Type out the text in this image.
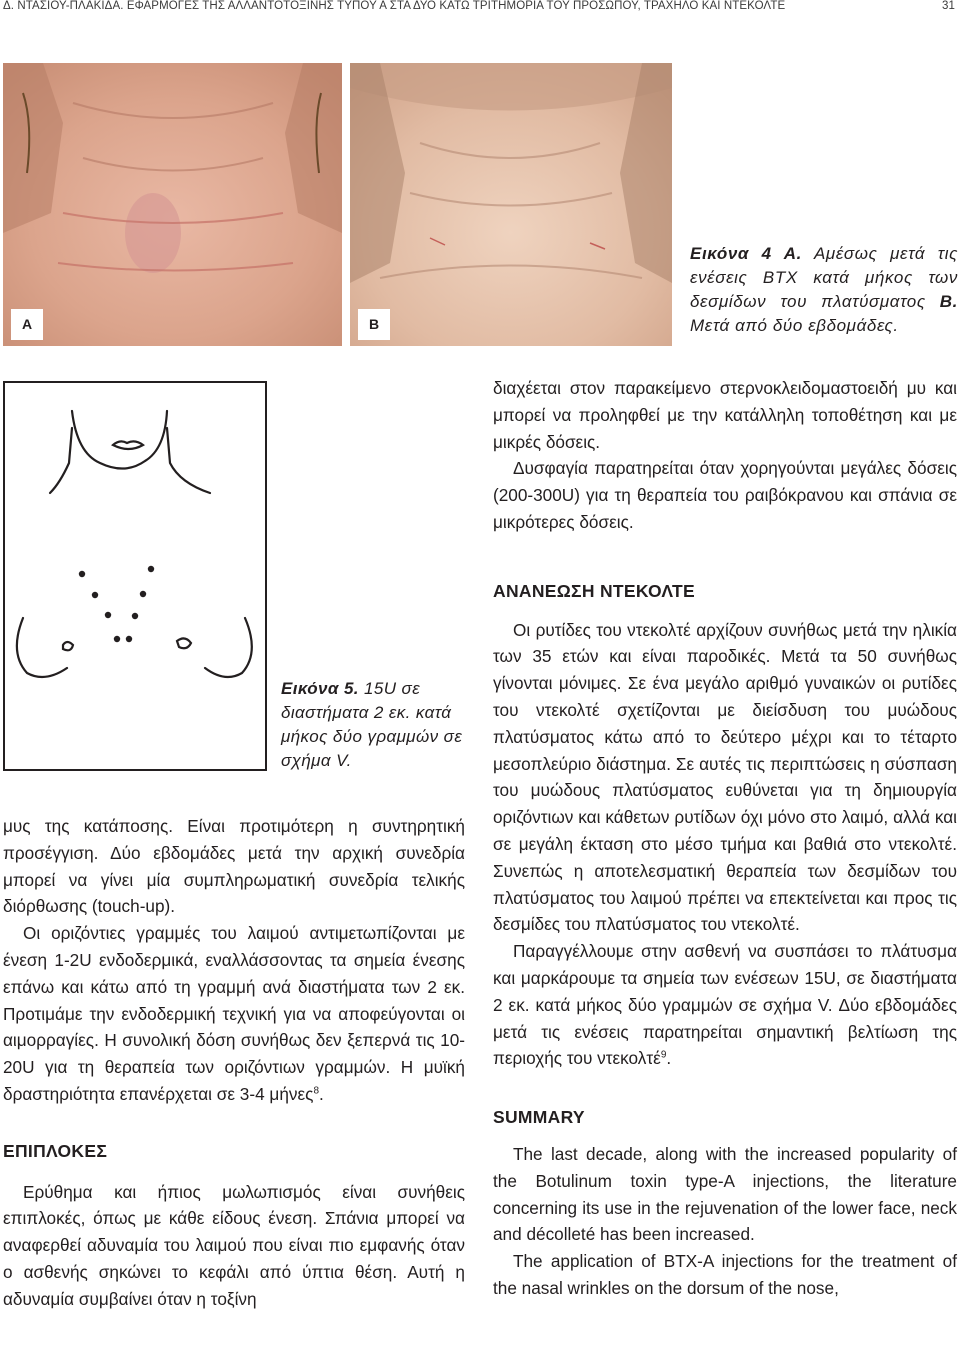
Δ. ΝΤΑΣΙΟΥ-ΠΛΑΚΙΔΑ. ΕΦΑΡΜΟΓΕΣ ΤΗΣ ΑΛΛΑΝΤΟΤΟΞΙΝΗΣ ΤΥΠΟΥ Α ΣΤΑ ΔΥΟ ΚΑΤΩ ΤΡΙΤΗΜΟΡΙΑ ΤΟΥ ΠΡΟΣΩΠΟΥ, ΤΡΑΧΗΛΟ ΚΑΙ ΝΤΕΚΟΛΤΕ	31
A	B
Εικόνα 4 Α. Αμέσως μετά τις ενέσεις ΒΤΧ κατά μήκος των δεσμίδων του πλατύσματος Β. Μετά από δύο εβδομάδες.
Εικόνα 5. 15U σε διαστήματα 2 εκ. κατά μήκος δύο γραμμών σε σχήμα V.

μυς της κατάποσης. Είναι προτιμότερη η συντηρητική προσέγγιση. Δύο εβδομάδες μετά την αρχική συνεδρία μπορεί να γίνει μία συμπληρωματική συνεδρία τελικής διόρθωσης (touch-up).

Οι οριζόντιες γραμμές του λαιμού αντιμετωπίζονται με ένεση 1-2U ενδοδερμικά, εναλλάσσοντας τα σημεία ένεσης επάνω και κάτω από τη γραμμή ανά διαστήματα των 2 εκ. Προτιμάμε την ενδοδερμική τεχνική για να αποφεύγονται οι αιμορραγίες. Η συνολική δόση συνήθως δεν ξεπερνά τις 10-20U για τη θεραπεία των οριζόντιων γραμμών. Η μυϊκή δραστηριότητα επανέρχεται σε 3-4 μήνες$^8$.

ΕΠΙΠΛΟΚΕΣ

Ερύθημα και ήπιος μωλωπισμός είναι συνήθεις επιπλοκές, όπως με κάθε είδους ένεση. Σπάνια μπορεί να αναφερθεί αδυναμία του λαιμού που είναι πιο εμφανής όταν ο ασθενής σηκώνει το κεφάλι από ύπτια θέση. Αυτή η αδυναμία συμβαίνει όταν η τοξίνη

διαχέεται στον παρακείμενο στερνοκλειδομαστοειδή μυ και μπορεί να προληφθεί με την κατάλληλη τοποθέτηση και με μικρές δόσεις.

Δυσφαγία παρατηρείται όταν χορηγούνται μεγάλες δόσεις (200-300U) για τη θεραπεία του ραιβόκρανου και σπάνια σε μικρότερες δόσεις.

ΑΝΑΝΕΩΣΗ ΝΤΕΚΟΛΤΕ

Οι ρυτίδες του ντεκολτέ αρχίζουν συνήθως μετά την ηλικία των 35 ετών και είναι παροδικές. Μετά τα 50 συνήθως γίνονται μόνιμες. Σε ένα μεγάλο αριθμό γυναικών οι ρυτίδες του ντεκολτέ σχετίζονται με διείσδυση του μυώδους πλατύσματος κάτω από το δεύτερο μέχρι και το τέταρτο μεσοπλεύριο διάστημα. Σε αυτές τις περιπτώσεις η σύσπαση του μυώδους πλατύσματος ευθύνεται για τη δημιουργία οριζόντιων και κάθετων ρυτίδων όχι μόνο στο λαιμό, αλλά και σε μεγάλη έκταση στο μέσο τμήμα και βαθιά στο ντεκολτέ. Συνεπώς η αποτελεσματική θεραπεία των δεσμίδων του πλατύσματος του λαιμού πρέπει να επεκτείνεται και προς τις δεσμίδες του πλατύσματος του ντεκολτέ.

Παραγγέλλουμε στην ασθενή να συσπάσει το πλάτυσμα και μαρκάρουμε τα σημεία των ενέσεων 15U, σε διαστήματα 2 εκ. κατά μήκος δύο γραμμών σε σχήμα V. Δύο εβδομάδες μετά τις ενέσεις παρατηρείται σημαντική βελτίωση της περιοχής του ντεκολτέ$^9$.

SUMMARY

The last decade, along with the increased popularity of the Botulinum toxin type-A injections, the literature concerning its use in the rejuvenation of the lower face, neck and décolleté has been increased.

The application of BTX-A injections for the treatment of the nasal wrinkles on the dorsum of the nose,
